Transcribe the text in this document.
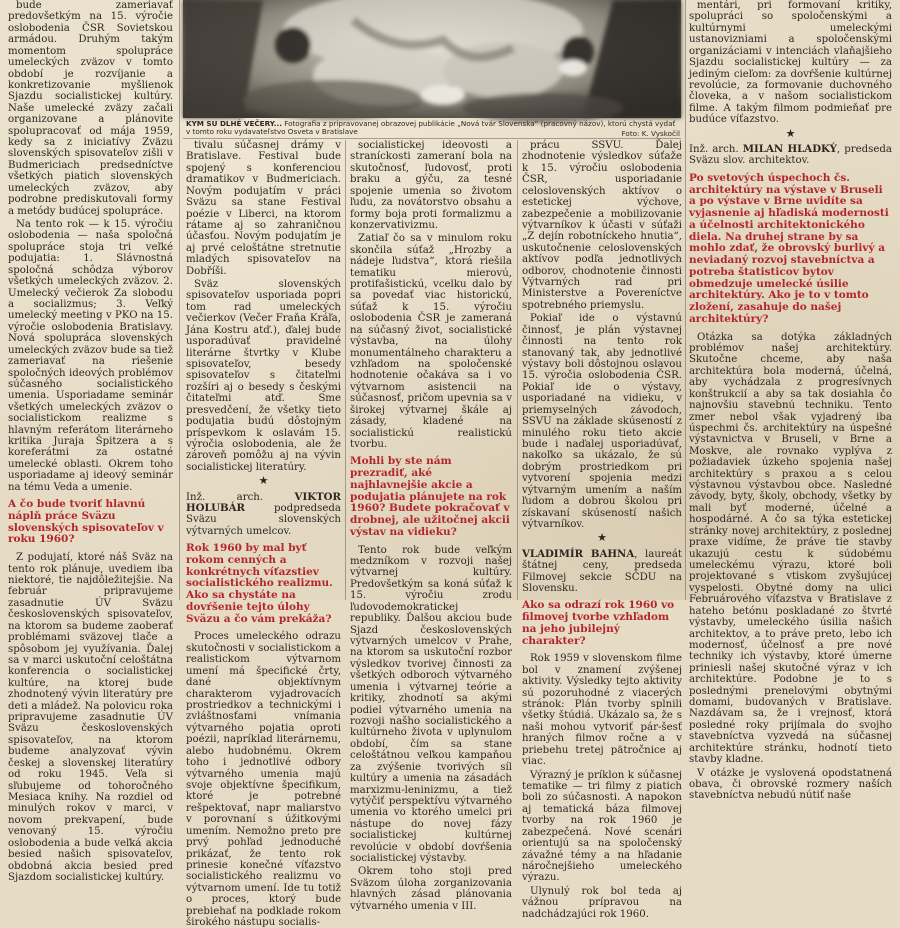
bude zameriavať predovšetkým na 15. výročie oslobodenia ČSR Sovietskou armádou. Druhým takým momentom spolupráce umeleckých zväzov v tomto období je rozvíjanie a konkretizovanie myšlienok Sjazdu socialistickej kultúry. Naše umelecké zväzy začali organizovane a plánovite spolupracovať od mája 1959, kedy sa z iniciatívy Zväzu slovenských spisovateľov zišli v Budmericiach predsedníctve všetkých piatich slovenských umeleckých zväzov, aby podrobne prediskutovali formy a metódy budúcej spolupráce.

Na tento rok — k 15. výročiu oslobodenia — naša spoločná spolupráce stoja tri veľké podujatia: 1. Slávnostná spoločná schôdza výborov všetkých umeleckých zväzov. 2. Umelecký večierok Za slobodu a socializmus; 3. Veľký umelecký meeting v PKO na 15. výročie oslobodenia Bratislavy. Nová spolupráca slovenských umeleckých zväzov bude sa tiež zameriavať na riešenie spoločných ideových problémov súčasného socialistického umenia. Usporiadame seminár všetkých umeleckých zväzov o socialistickom realizme s hlavným referátom literárneho kritika Juraja Špitzera a s koreferátmi za ostatné umelecké oblasti. Okrem toho usporiadame aj ideový seminár na tému Veda a umenie.

A čo bude tvoriť hlavnú náplň práce Sväzu slovenských spisovateľov v roku 1960?

Z podujatí, ktoré náš Sväz na tento rok plánuje, uvediem iba niektoré, tie najdôležitejšie. Na február pripravujeme zasadnutie ÚV Sväzu československých spisovateľov, na ktorom sa budeme zaoberať problémami sväzovej tlače a spôsobom jej využívania. Ďalej sa v marci uskutoční celoštátna konferencia o socialistickej kultúre, na ktorej bude zhodnotený vývin literatúry pre deti a mládež. Na polovicu roka pripravujeme zasadnutie ÚV Sväzu československých spisovateľov, na ktorom budeme analyzovať vývin českej a slovenskej literatúry od roku 1945. Veľa si sľubujeme od tohoročného Mesiaca knihy. Na rozdiel od minulých rokov v marci, v novom prekvapení, bude venovaný 15. výročiu oslobodenia a bude veľká akcia besied našich spisovateľov, obdobná akcia besied pred Sjazdom socialistickej kultúry.

KYM SU DLHÉ VEČERY... Fotografia z pripravovanej obrazovej publikácie „Nová tvár Slovenska“ (pracovný názov), ktorú chystá vydať v tomto roku vydavateľstvo Osveta v Bratislave	Foto: K. Vyskočil

tivalu súčasnej drámy v Bratislave. Festival bude spojený s konferenciou dramatikov v Budmericiach. Novým podujatím v práci Sväzu sa stane Festival poézie v Liberci, na ktorom rátame aj so zahraničnou účasťou. Novým podujatím je aj prvé celoštátne stretnutie mladých spisovateľov na Dobříši.

Sväz slovenských spisovateľov usporiada popri tom rad umeleckých večierkov (Večer Fraňa Kráľa, Jána Kostru atď.), ďalej bude usporadúvať pravidelné literárne štvrtky v Klube spisovateľov, besedy spisovateľov s čitateľmi rozšíri aj o besedy s českými čitateľmi atď. Sme presvedčení, že všetky tieto podujatia budú dôstojným príspevkom k oslavám 15. výročia oslobodenia, ale že zároveň pomôžu aj na vývin socialistickej literatúry.

★

Inž. arch. VIKTOR HOLUBÁR podpredseda Sväzu slovenských výtvarných umelcov.

Rok 1960 by mal byť rokom cenných a konkrétnych víťazstiev socialistického realizmu. Ako sa chystáte na dovŕšenie tejto úlohy Sväzu a čo vám prekáža?

Proces umeleckého odrazu skutočnosti v socialistickom a realistickom výtvarnom umení má špecifické črty, dané objektívnym charakterom vyjadrovacích prostriedkov a technickými i zvláštnosťami vnímania výtvarného pojatia oproti poézii, napríklad literárnemu, alebo hudobnému. Okrem toho i jednotlivé odbory výtvarného umenia majú svoje objektívne špecifikum, ktoré je potrebné rešpektovať, napr maliarstvo v porovnaní s úžitkovými umením. Nemožno preto pre prvý pohľad jednoduché prikázať, že tento rok prinesie konečné víťazstvo socialistického realizmu vo výtvarnom umení. Ide tu totiž o proces, ktorý bude prebiehať na podklade rokom širokého nástupu socialis-

socialistickej ideovosti a straníckosti zameraní bola na skutočnosť, ľudovosť, proti braku a gýču, za tesné spojenie umenia so životom ľudu, za novátorstvo obsahu a formy boja proti formalizmu a konzervativizmu.

Zatiaľ čo sa v minulom roku skončila súťaž „Hrozby a nádeje ľudstva“, ktorá riešila tematiku mierovú, protifašistickú, vcelku dalo by sa povedať viac historickú, súťaž k 15. výročiu oslobodenia ČSR je zameraná na súčasný život, socialistické výstavba, na úlohy monumentálneho charakteru a vzhľadom na spoločenské hodnotenie očakáva sa i vo výtvarnom asistencii na súčasnosť, pričom upevnia sa v širokej výtvarnej škále aj zásady, kladené na socialistickú realistickú tvorbu.

Mohli by ste nám prezradiť, aké najhlavnejšie akcie a podujatia plánujete na rok 1960? Budete pokračovať v drobnej, ale užitočnej akcii výstav na vidieku?

Tento rok bude veľkým medzníkom v rozvoji našej výtvarnej kultúry. Predovšetkým sa koná súťaž k 15. výročiu zrodu ľudovodemokratickej republiky. Ďalšou akciou bude Sjazd československých výtvarných umelcov v Prahe, na ktorom sa uskutoční rozbor výsledkov tvorivej činnosti za všetkých odboroch výtvarného umenia i výtvarnej teórie a kritiky, zhodnotí sa akými podiel výtvarného umenia na rozvoji našho socialistického a kultúrneho života v uplynulom období, čím sa stane celoštátnou veľkou kampaňou za zvýšenie tvorivých síl kultúry a umenia na zásadách marxizmu-leninizmu, a tiež vytýčiť perspektívu výtvarného umenia vo ktorého umelci pri nástupe do novej fázy socialistickej kultúrnej revolúcie v období dovŕšenia socialistickej výstavby.

Okrem toho stoji pred Sväzom úloha zorganizovania hlavných zásad plánovania výtvarného umenia v III.

prácu SSVU. Ďalej zhodnotenie výsledkov súťaže k 15. výročiu oslobodenia ČSR, usporiadanie celoslovenských aktívov o estetickej výchove, zabezpečenie a mobilizovanie výtvarníkov k účasti v súťaži „Z dejín robotníckeho hnutia“, uskutočnenie celoslovenských aktívov podľa jednotlivých odborov, chodnotenie činnosti Výtvarných rad pri Ministerstve a Povereníctve spotrebného priemyslu.

Pokiaľ ide o výstavnú činnosť, je plán výstavnej činnosti na tento rok stanovaný tak, aby jednotlivé výstavy boli dôstojnou oslavou 15. výročia oslobodenia ČSR. Pokiaľ ide o výstavy, usporiadané na vidieku, v priemyselných závodoch, SSVU na základe skúseností z minulého roku tieto akcie bude i naďalej usporiadúvať, nakoľko sa ukázalo, že sú dobrým prostriedkom pri vytvorení spojenia medzi výtvarným umením a naším ľudom a dobrou školou pri získavaní skúseností našich výtvarníkov.

★

VLADIMÍR BAHNA, laureát štátnej ceny, predseda Filmovej sekcie SČDU na Slovensku.

Ako sa odrazí rok 1960 vo filmovej tvorbe vzhľadom na jeho jubilejný charakter?

Rok 1959 v slovenskom filme bol v znamení zvýšenej aktivity. Výsledky tejto aktivity sú pozoruhodné z viacerých stránok: Plán tvorby splnili všetky štúdiá. Ukázalo sa, že s naši mohou vytvoriť pár-šesť hraných filmov ročne a v priebehu tretej pätročnice aj viac.

Výrazný je príklon k súčasnej tematike — tri filmy z piatich boli zo súčasnosti. A napokon aj tematická báza filmovej tvorby na rok 1960 je zabezpečená. Nové scenári orientujú sa na spoločenský závažné témy a na hľadanie náročnejšieho umeleckého výrazu.

Ulynulý rok bol teda aj vážnou prípravou na nadchádzajúci rok 1960.

mentári, pri formovaní kritiky, spolupráci so spoločenskými a kultúrnymi umeleckými ustanovizniami a spoločenskými organizáciami v intenciách vlaňajšieho Sjazdu socialistickej kultúry — za jediným cieľom: za dovŕšenie kultúrnej revolúcie, za formovanie duchovného človeka, a v našom socialistickom filme. A takým filmom podmieňať pre budúce víťazstvo.

★

Inž. arch. MILAN HLADKÝ, predseda Sväzu slov. architektov.

Po svetových úspechoch čs. architektúry na výstave v Bruseli a po výstave v Brne uvidíte sa vyjasnenie aj hľadiská modernosti a účelnosti architektonického diela. Na druhej strane by sa mohlo zdať, že obrovský burlivý a neviadaný rozvoj stavebníctva a potreba štatisticov bytov obmedzuje umelecké úsilie architektúry. Ako je to v tomto zložení, zasahuje do našej architektúry?

Otázka sa dotýka základných problémov našej architektúry. Skutočne chceme, aby naša architektúra bola moderná, účelná, aby vychádzala z progresívnych konštrukcií a aby sa tak dosiahla čo najnovšiu stavebnú techniku. Tento zmer nebol však vyjadrený iba úspechmi čs. architektúry na úspešné výstavnictva v Bruseli, v Brne a Moskve, ale rovnako vyplýva z požiadaviek úzkeho spojenia našej architektúry s praxou a s celou výstavnou výstavbou obce. Nasledné závody, byty, školy, obchody, všetky by mali byť moderné, účelné a hospodárné. A čo sa týka estetickej stránky novej architektúry, z poslednej praxe vidíme, že práve tie stavby ukazujú cestu k súdobému umeleckému výrazu, ktoré boli projektované s vtiskom zvyšujúcej vyspelosti. Obytné domy na ulici Februárového víťazstva v Bratislave z hateho betónu poskladané zo štvrté výstavby, umeleckého úsilia našich architektov, a to práve preto, lebo ich modernosť, účelnosť a pre nové techniky ich výstavby, ktoré úmerne priniesli našej skutočné výraz v ich architektúre. Podobne je to s poslednými prenelovými obytnými domami, budovaných v Bratislave. Nazdávam sa, že i vrejnosť, ktorá posledné roky prijímala do svojho stavebníctva vyzvedá na súčasnej architektúre stránku, hodnotí tieto stavby kladne.

V otázke je vyslovená opodstatnená obava, či obrovské rozmery naších stavebníctva nebudú nútiť naše
